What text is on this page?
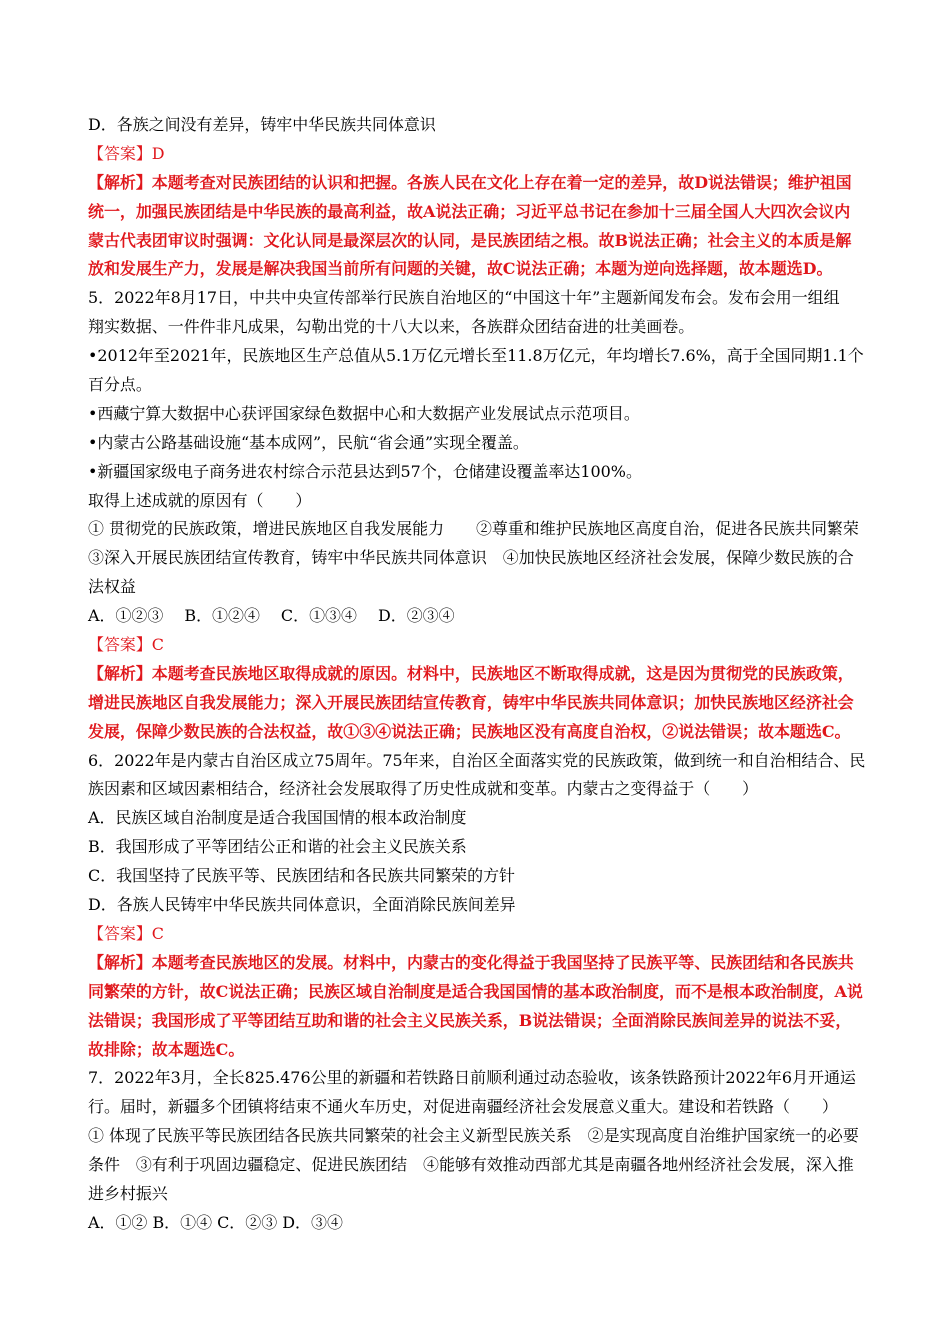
D．各族之间没有差异，铸牢中华民族共同体意识
【答案】D
【解析】本题考查对民族团结的认识和把握。各族人民在文化上存在着一定的差异，故D说法错误；维护祖国
统一，加强民族团结是中华民族的最高利益，故A说法正确；习近平总书记在参加十三届全国人大四次会议内
蒙古代表团审议时强调：文化认同是最深层次的认同，是民族团结之根。故B说法正确；社会主义的本质是解
放和发展生产力，发展是解决我国当前所有问题的关键，故C说法正确；本题为逆向选择题，故本题选D。
5．2022年8月17日，中共中央宣传部举行民族自治地区的“中国这十年”主题新闻发布会。发布会用一组组
翔实数据、一件件非凡成果，勾勒出党的十八大以来，各族群众团结奋进的壮美画卷。
•2012年至2021年，民族地区生产总值从5.1万亿元增长至11.8万亿元，年均增长7.6%，高于全国同期1.1个
百分点。
•西藏宁算大数据中心获评国家绿色数据中心和大数据产业发展试点示范项目。
•内蒙古公路基础设施“基本成网”，民航“省会通”实现全覆盖。
•新疆国家级电子商务进农村综合示范县达到57个，仓储建设覆盖率达100%。
取得上述成就的原因有（　　）
① 贯彻党的民族政策，增进民族地区自我发展能力　　②尊重和维护民族地区高度自治，促进各民族共同繁荣
③深入开展民族团结宣传教育，铸牢中华民族共同体意识　④加快民族地区经济社会发展，保障少数民族的合
法权益
A．①②③　 B．①②④　 C．①③④　 D．②③④
【答案】C
【解析】本题考查民族地区取得成就的原因。材料中，民族地区不断取得成就，这是因为贯彻党的民族政策，
增进民族地区自我发展能力；深入开展民族团结宣传教育，铸牢中华民族共同体意识；加快民族地区经济社会
发展，保障少数民族的合法权益，故①③④说法正确；民族地区没有高度自治权，②说法错误；故本题选C。
6．2022年是内蒙古自治区成立75周年。75年来，自治区全面落实党的民族政策，做到统一和自治相结合、民
族因素和区域因素相结合，经济社会发展取得了历史性成就和变革。内蒙古之变得益于（　　）
A．民族区域自治制度是适合我国国情的根本政治制度
B．我国形成了平等团结公正和谐的社会主义民族关系
C．我国坚持了民族平等、民族团结和各民族共同繁荣的方针
D．各族人民铸牢中华民族共同体意识，全面消除民族间差异
【答案】C
【解析】本题考查民族地区的发展。材料中，内蒙古的变化得益于我国坚持了民族平等、民族团结和各民族共
同繁荣的方针，故C说法正确；民族区域自治制度是适合我国国情的基本政治制度，而不是根本政治制度，A说
法错误；我国形成了平等团结互助和谐的社会主义民族关系，B说法错误；全面消除民族间差异的说法不妥，
故排除；故本题选C。
7．2022年3月，全长825.476公里的新疆和若铁路日前顺利通过动态验收，该条铁路预计2022年6月开通运
行。届时，新疆多个团镇将结束不通火车历史，对促进南疆经济社会发展意义重大。建设和若铁路（　　）
① 体现了民族平等民族团结各民族共同繁荣的社会主义新型民族关系　②是实现高度自治维护国家统一的必要
条件　③有利于巩固边疆稳定、促进民族团结　④能够有效推动西部尤其是南疆各地州经济社会发展，深入推
进乡村振兴
A．①② B．①④ C．②③ D．③④
